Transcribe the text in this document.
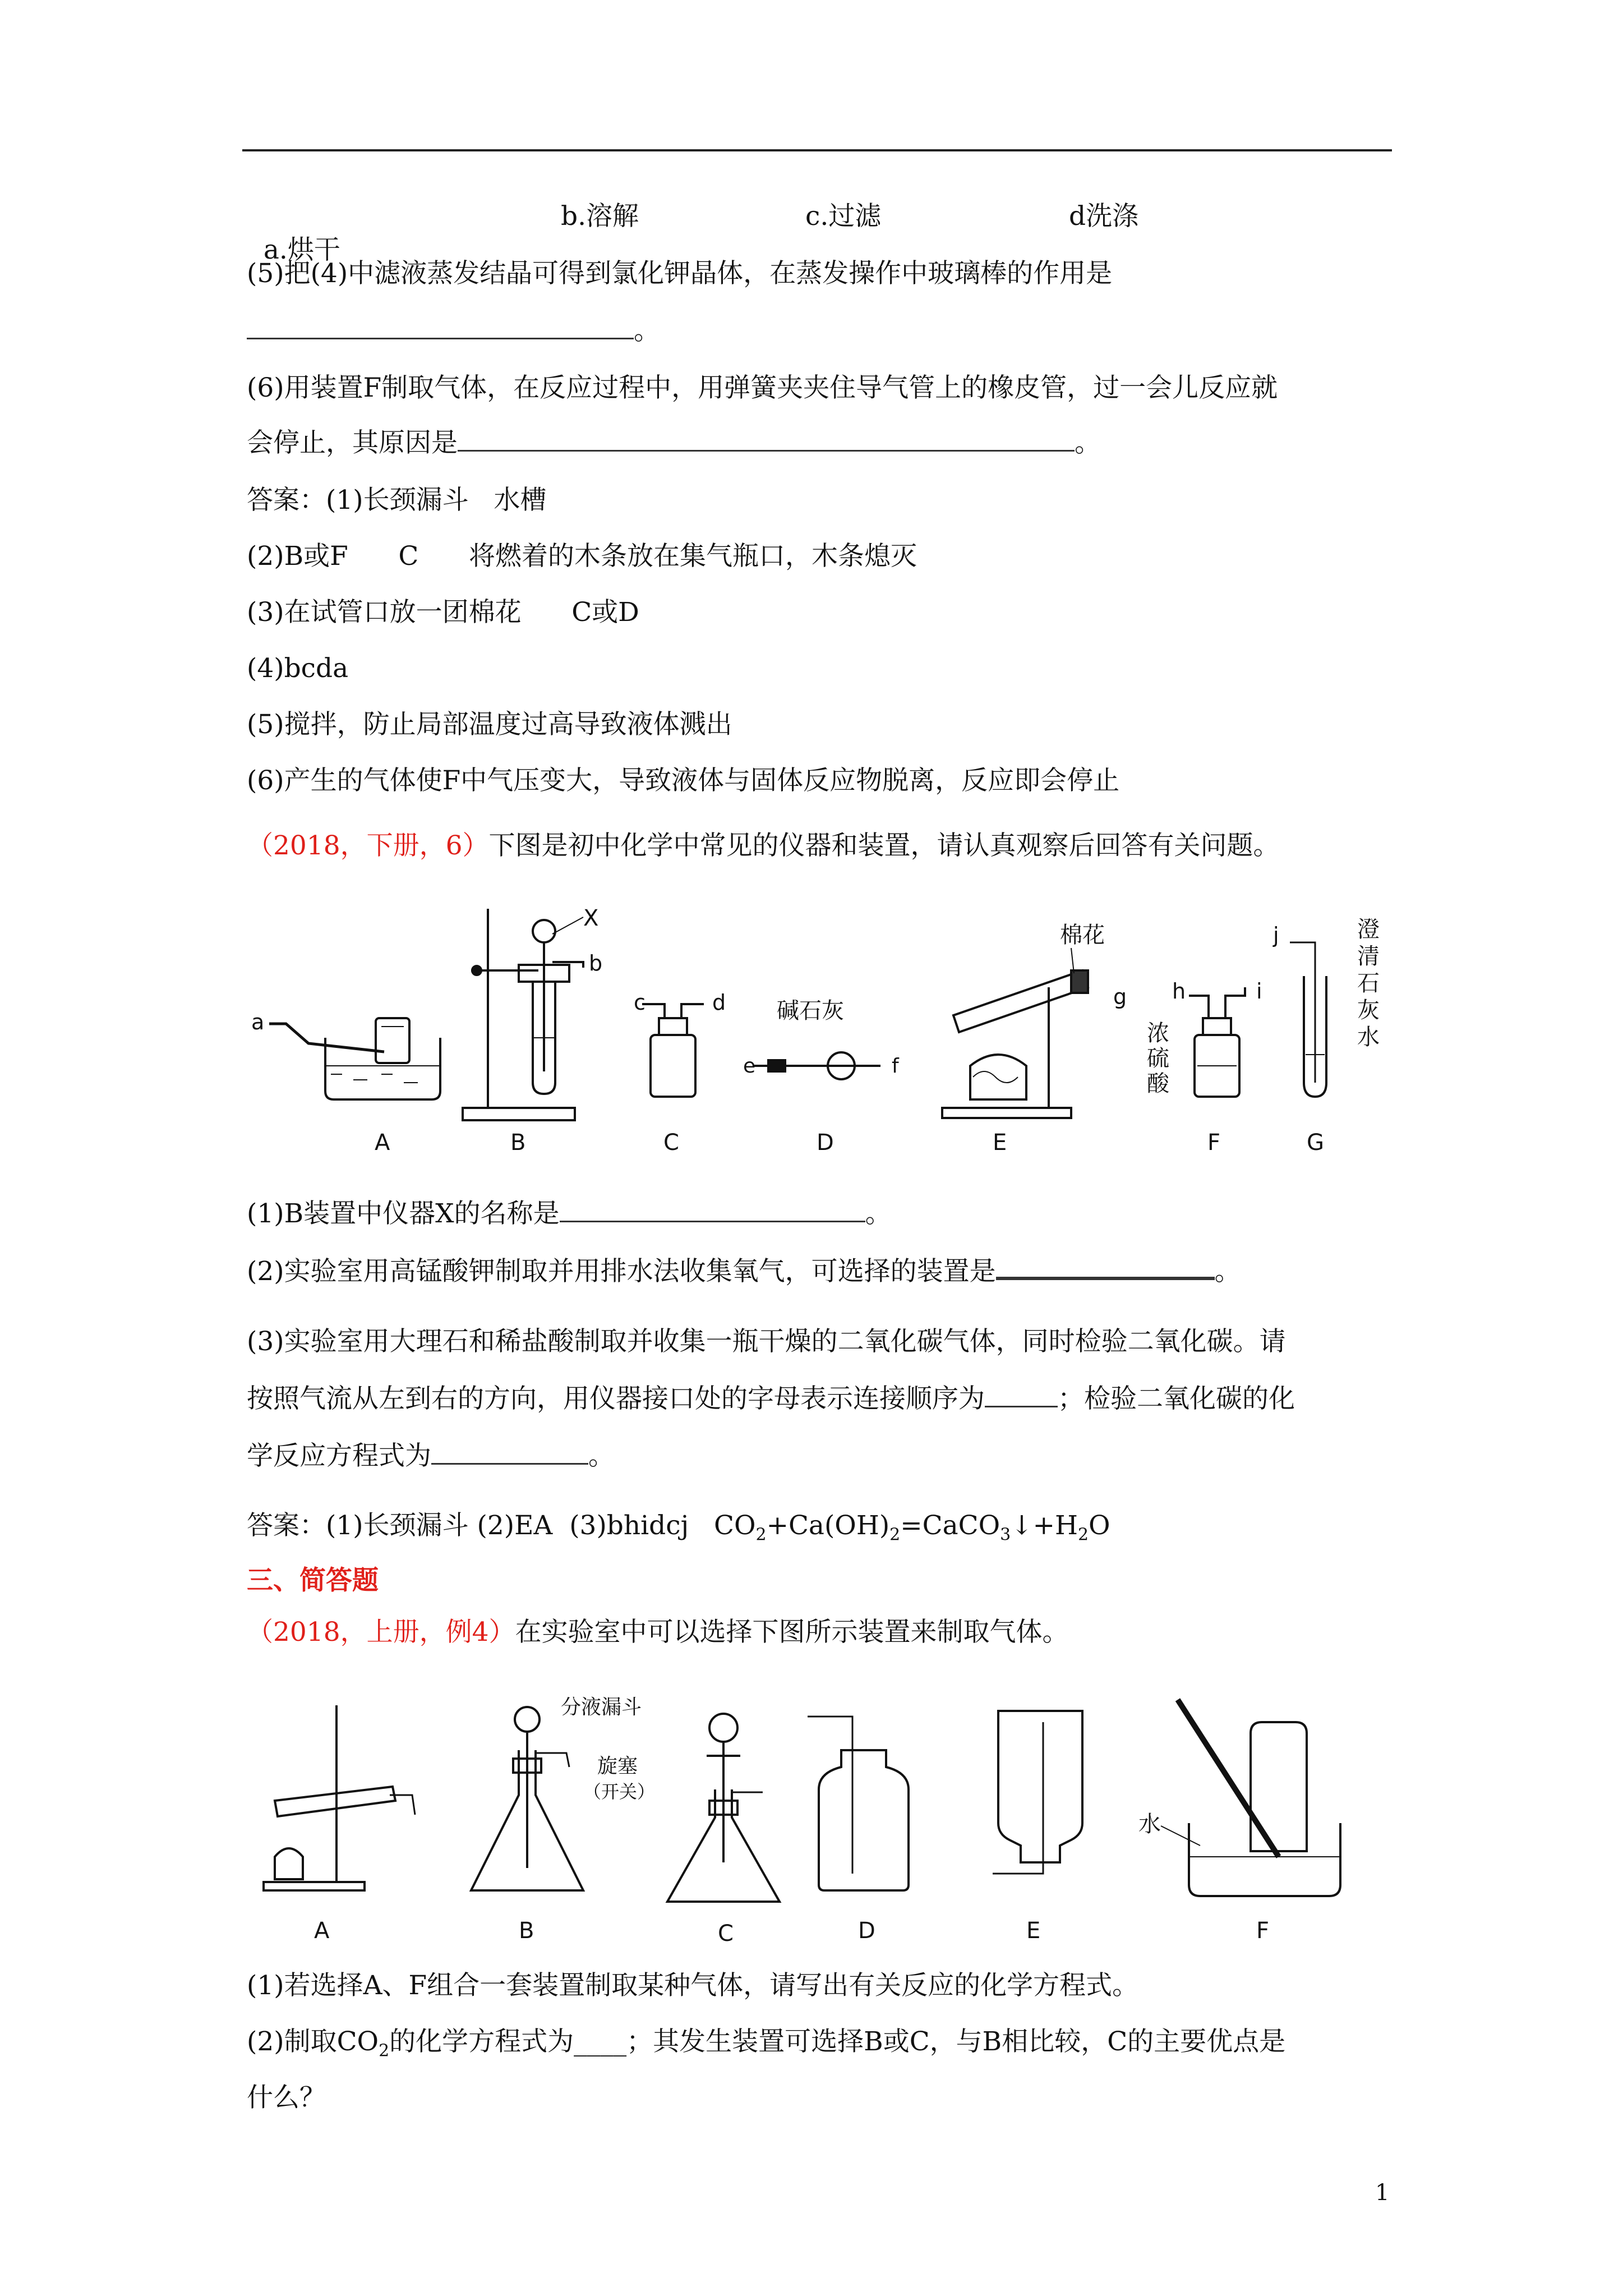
a.烘干

b.溶解	c.过滤	d洗涤
(5)把(4)中滤液蒸发结晶可得到氯化钾晶体，在蒸发操作中玻璃棒的作用是
。
(6)用装置F制取气体，在反应过程中，用弹簧夹夹住导气管上的橡皮管，过一会儿反应就
会停止，其原因是	。
答案：(1)长颈漏斗   水槽
(2)B或F      C      将燃着的木条放在集气瓶口，木条熄灭
(3)在试管口放一团棉花      C或D
(4)bcda
(5)搅拌，防止局部温度过高导致液体溅出
(6)产生的气体使F中气压变大，导致液体与固体反应物脱离，反应即会停止
（2018，下册，6）下图是初中化学中常见的仪器和装置，请认真观察后回答有关问题。
a
A
X
b
B
c	d
C
碱石灰
e	f
D
棉花
g
E
h	i
浓
硫
酸
F
j	澄
清
石
灰
水
G
(1)B装置中仪器X的名称是	。
(2)实验室用高锰酸钾制取并用排水法收集氧气，可选择的装置是	。
(3)实验室用大理石和稀盐酸制取并收集一瓶干燥的二氧化碳气体，同时检验二氧化碳。请
按照气流从左到右的方向，用仪器接口处的字母表示连接顺序为	；检验二氧化碳的化
学反应方程式为	。
答案：(1)长颈漏斗 (2)EA  (3)bhidcj   $CO_2+Ca(OH)_2=CaCO_3↓+H_2O$
三、简答题
（2018，上册，例4）在实验室中可以选择下图所示装置来制取气体。
A	B
分液漏斗
旋塞
（开关）
C	D	E
水
F
(1)若选择A、F组合一套装置制取某种气体，请写出有关反应的化学方程式。
(2)制取$CO_2$的化学方程式为____；其发生装置可选择B或C，与B相比较，C的主要优点是
什么？
1
